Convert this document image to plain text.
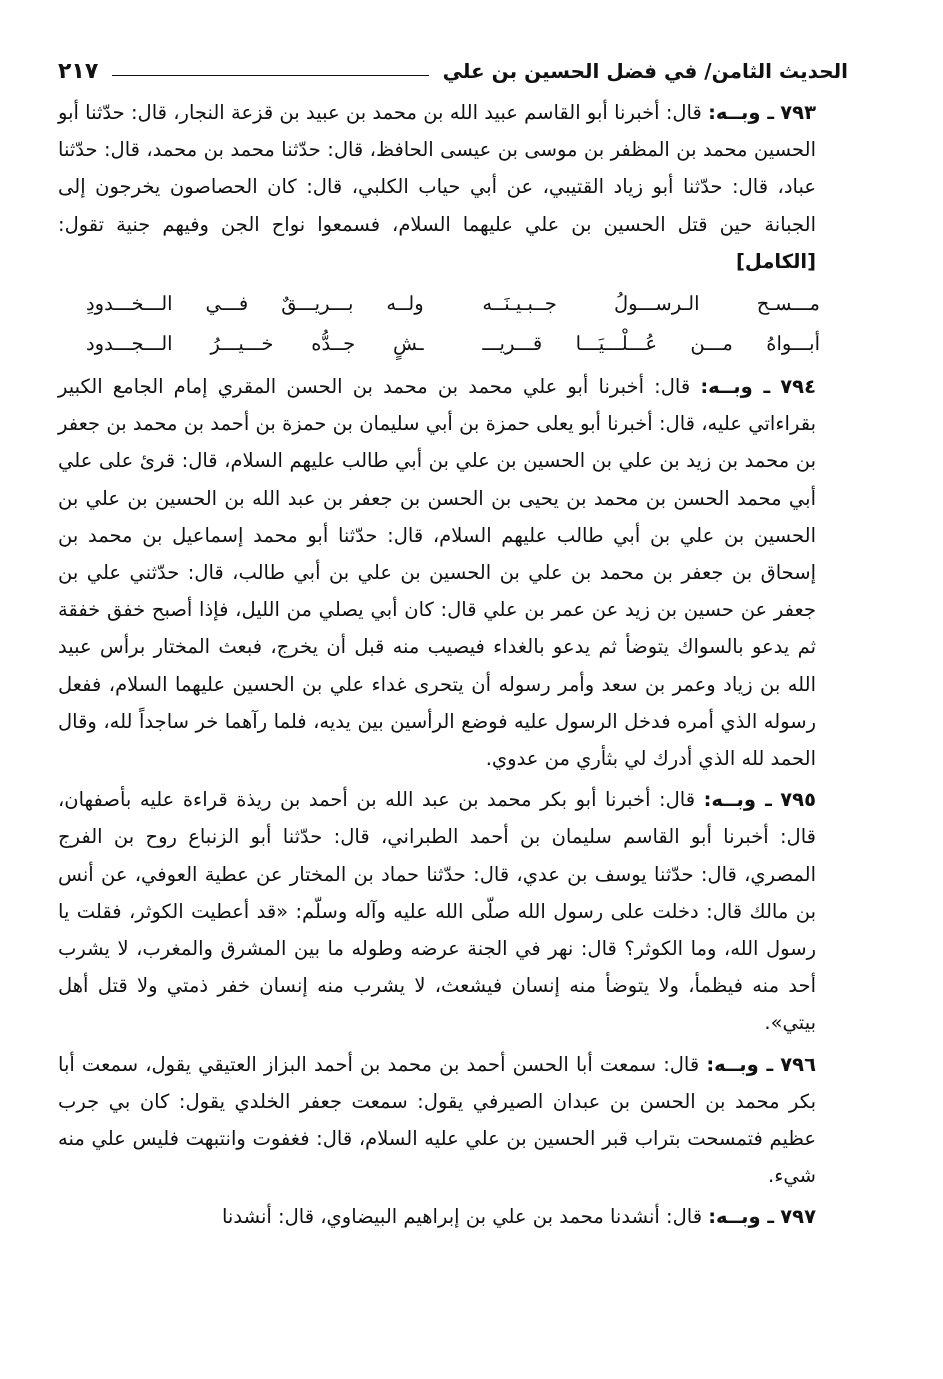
الحديث الثامن/ في فضل الحسين بن علي
٢١٧

٧٩٣ ـ وبــه: قال: أخبرنا أبو القاسم عبيد الله بن محمد بن عبيد بن قزعة النجار، قال: حدّثنا أبو الحسين محمد بن المظفر بن موسى بن عيسى الحافظ، قال: حدّثنا محمد بن محمد، قال: حدّثنا عباد، قال: حدّثنا أبو زياد القتيبي، عن أبي حياب الكلبي، قال: كان الحصاصون يخرجون إلى الجبانة حين قتل الحسين بن علي عليهما السلام، فسمعوا نواح الجن وفيهم جنية تقول: [الكامل]

مـــسـح الـرســـولُ جــبـيـنَــه
ولــه بـــريـــقٌ فـــي الـــخـــدودِ
أبـــواهُ مـــن عُـــلْـــيَـــا قـــريـــ
ـشٍ جــدُّه خـــيـــرُ الـــجـــدود

٧٩٤ ـ وبــه: قال: أخبرنا أبو علي محمد بن محمد بن الحسن المقري إمام الجامع الكبير بقراءاتي عليه، قال: أخبرنا أبو يعلى حمزة بن أبي سليمان بن حمزة بن أحمد بن محمد بن جعفر بن محمد بن زيد بن علي بن الحسين بن علي بن أبي طالب عليهم السلام، قال: قرئ على علي أبي محمد الحسن بن محمد بن يحيى بن الحسن بن جعفر بن عبد الله بن الحسين بن علي بن الحسين بن علي بن أبي طالب عليهم السلام، قال: حدّثنا أبو محمد إسماعيل بن محمد بن إسحاق بن جعفر بن محمد بن علي بن الحسين بن علي بن أبي طالب، قال: حدّثني علي بن جعفر عن حسين بن زيد عن عمر بن علي قال: كان أبي يصلي من الليل، فإذا أصبح خفق خفقة ثم يدعو بالسواك يتوضأ ثم يدعو بالغداء فيصيب منه قبل أن يخرج، فبعث المختار برأس عبيد الله بن زياد وعمر بن سعد وأمر رسوله أن يتحرى غداء علي بن الحسين عليهما السلام، ففعل رسوله الذي أمره فدخل الرسول عليه فوضع الرأسين بين يديه، فلما رآهما خر ساجداً لله، وقال الحمد لله الذي أدرك لي بثأري من عدوي.

٧٩٥ ـ وبــه: قال: أخبرنا أبو بكر محمد بن عبد الله بن أحمد بن ريذة قراءة عليه بأصفهان، قال: أخبرنا أبو القاسم سليمان بن أحمد الطبراني، قال: حدّثنا أبو الزنباع روح بن الفرج المصري، قال: حدّثنا يوسف بن عدي، قال: حدّثنا حماد بن المختار عن عطية العوفي، عن أنس بن مالك قال: دخلت على رسول الله صلّى الله عليه وآله وسلّم: «قد أعطيت الكوثر، فقلت يا رسول الله، وما الكوثر؟ قال: نهر في الجنة عرضه وطوله ما بين المشرق والمغرب، لا يشرب أحد منه فيظمأ، ولا يتوضأ منه إنسان فيشعث، لا يشرب منه إنسان خفر ذمتي ولا قتل أهل بيتي».

٧٩٦ ـ وبــه: قال: سمعت أبا الحسن أحمد بن محمد بن أحمد البزاز العتيقي يقول، سمعت أبا بكر محمد بن الحسن بن عبدان الصيرفي يقول: سمعت جعفر الخلدي يقول: كان بي جرب عظيم فتمسحت بتراب قبر الحسين بن علي عليه السلام، قال: فغفوت وانتبهت فليس علي منه شيء.

٧٩٧ ـ وبــه: قال: أنشدنا محمد بن علي بن إبراهيم البيضاوي، قال: أنشدنا
